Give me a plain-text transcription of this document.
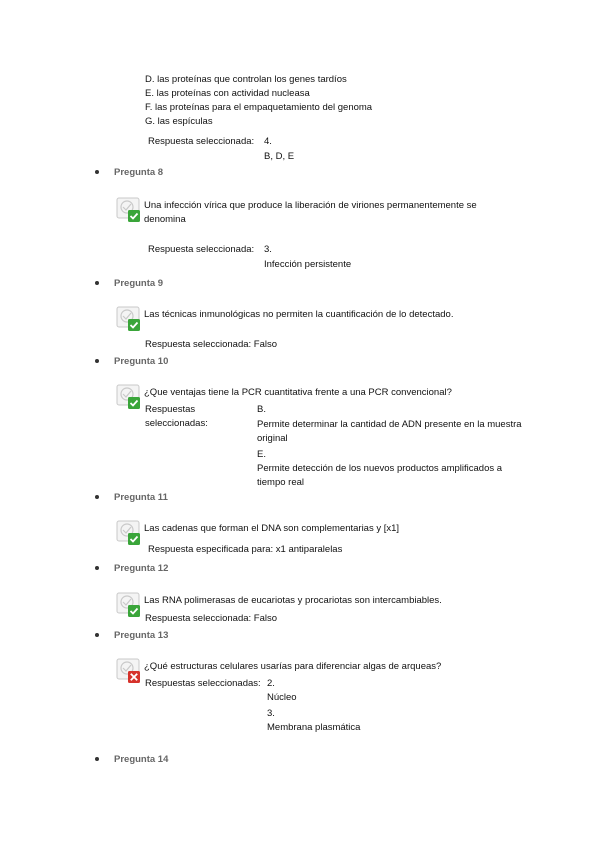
D. las proteínas que controlan los genes tardíos
E. las proteínas con actividad nucleasa
F. las proteínas para el empaquetamiento del genoma
G. las espículas
Respuesta seleccionada: 4.
B, D, E
Pregunta 8
Una infección vírica que produce la liberación de viriones permanentemente se denomina
Respuesta seleccionada: 3.
Infección persistente
Pregunta 9
Las técnicas inmunológicas no permiten la cuantificación de lo detectado.
Respuesta seleccionada: Falso
Pregunta 10
¿Que ventajas tiene la PCR cuantitativa frente a una PCR convencional?
Respuestas
seleccionadas:
B.
Permite determinar la cantidad de ADN presente en la muestra original
E.
Permite detección de los nuevos productos amplificados a tiempo real
Pregunta 11
Las cadenas que forman el DNA son complementarias y [x1]
Respuesta especificada para: x1 antiparalelas
Pregunta 12
Las RNA polimerasas de eucariotas y procariotas son intercambiables.
Respuesta seleccionada: Falso
Pregunta 13
¿Qué estructuras celulares usarías para diferenciar algas de arqueas?
Respuestas seleccionadas: 2.
Núcleo
3.
Membrana plasmática
Pregunta 14
